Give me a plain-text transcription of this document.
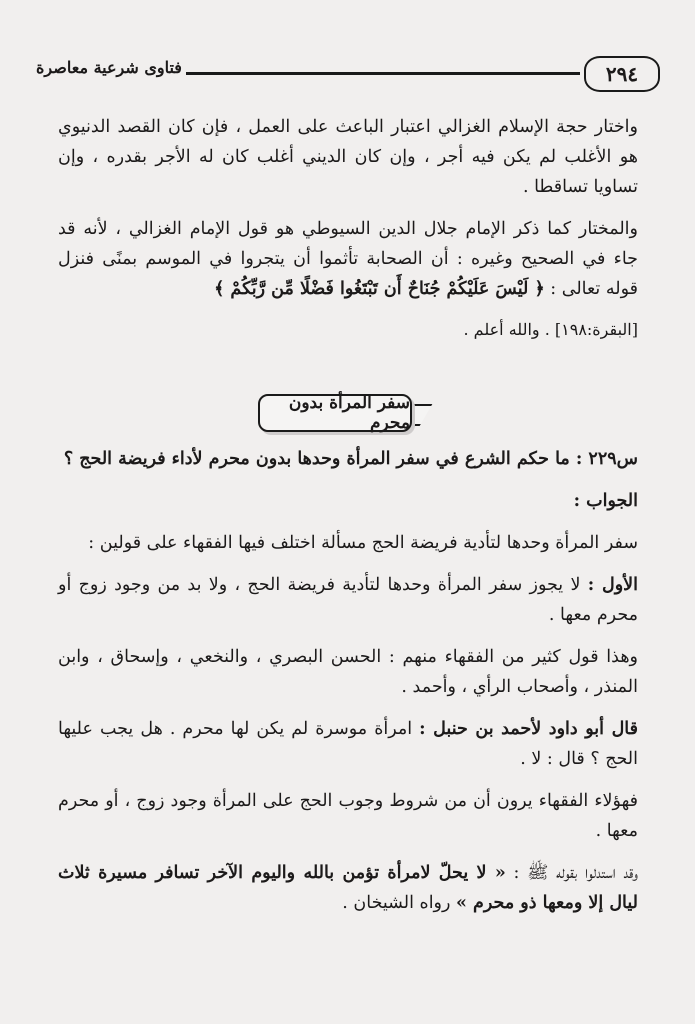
٢٩٤
فتاوى شرعية معاصرة

واختار حجة الإسلام الغزالي اعتبار الباعث على العمل ، فإن كان القصد الدنيوي هو الأغلب لم يكن فيه أجر ، وإن كان الديني أغلب كان له الأجر بقدره ، وإن تساويا تساقطا .

والمختار كما ذكر الإمام جلال الدين السيوطي هو قول الإمام الغزالي ، لأنه قد جاء في الصحيح وغيره : أن الصحابة تأثموا أن يتجروا في الموسم بمنًى فنزل قوله تعالى : ﴿ لَيْسَ عَلَيْكُمْ جُنَاحٌ أَن تَبْتَغُوا فَضْلًا مِّن رَّبِّكُمْ ﴾

[البقرة:١٩٨] . والله أعلم .

سفر المرأة بدون محرم

س٢٢٩ : ما حكم الشرع في سفر المرأة وحدها بدون محرم لأداء فريضة الحج ؟

الجواب :

سفر المرأة وحدها لتأدية فريضة الحج مسألة اختلف فيها الفقهاء على قولين :

الأول : لا يجوز سفر المرأة وحدها لتأدية فريضة الحج ، ولا بد من وجود زوج أو محرم معها .

وهذا قول كثير من الفقهاء منهم : الحسن البصري ، والنخعي ، وإسحاق ، وابن المنذر ، وأصحاب الرأي ، وأحمد .

قال أبو داود لأحمد بن حنبل : امرأة موسرة لم يكن لها محرم . هل يجب عليها الحج ؟ قال : لا .

فهؤلاء الفقهاء يرون أن من شروط وجوب الحج على المرأة وجود زوج ، أو محرم معها .

وقد استدلوا بقوله ﷺ : « لا يحلّ لامرأة تؤمن بالله واليوم الآخر تسافر مسيرة ثلاث ليال إلا ومعها ذو محرم » رواه الشيخان .
